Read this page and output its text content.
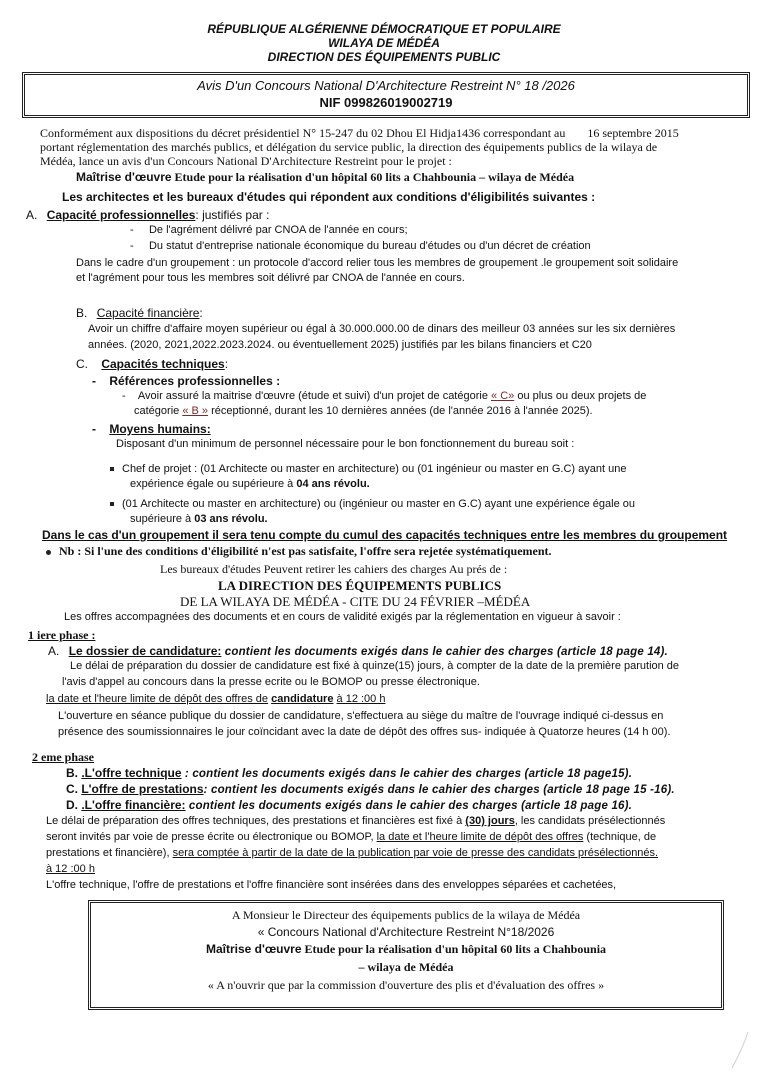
RÉPUBLIQUE ALGÉRIENNE DÉMOCRATIQUE ET POPULAIRE
WILAYA DE MÉDÉA
DIRECTION DES ÉQUIPEMENTS PUBLIC
Avis D'un Concours National D'Architecture Restreint N° 18 /2026
NIF 099826019002719
Conformément aux dispositions du décret présidentiel N° 15-247 du 02 Dhou El Hidja1436 correspondant au 16 septembre 2015
portant réglementation des marchés publics, et délégation du service public, la direction des équipements publics de la wilaya de
Médéa, lance un avis d'un Concours National D'Architecture Restreint pour le projet :
Maîtrise d'œuvre Etude pour la réalisation d'un hôpital 60 lits a Chahbounia – wilaya de Médéa
Les architectes et les bureaux d'études qui répondent aux conditions d'éligibilités suivantes :
A. Capacité professionnelles: justifiés par :
-     De l'agrément délivré par CNOA de l'année en cours;
-     Du statut d'entreprise nationale économique du bureau d'études ou d'un décret de création
Dans le cadre d'un groupement : un protocole d'accord relier tous les membres de groupement .le groupement soit solidaire
et l'agrément pour tous les membres soit délivré par CNOA de l'année en cours.
B. Capacité financière:
Avoir un chiffre d'affaire moyen supérieur ou égal à 30.000.000.00 de dinars des meilleur 03 années sur les six dernières
années. (2020, 2021,2022.2023.2024. ou éventuellement 2025) justifiés par les bilans financiers et C20
C. Capacités techniques:
-    Références professionnelles :
-    Avoir assuré la maitrise d'œuvre (étude et suivi) d'un projet de catégorie « C» ou plus ou deux projets de
catégorie « B » réceptionné, durant les 10 dernières années (de l'année 2016 à l'année 2025).
-    Moyens humains:
Disposant d'un minimum de personnel nécessaire pour le bon fonctionnement du bureau soit :
Chef de projet : (01 Architecte ou master en architecture) ou (01 ingénieur ou master en G.C) ayant une
expérience égale ou supérieure à 04 ans révolu.
(01 Architecte ou master en architecture) ou (ingénieur ou master en G.C) ayant une expérience égale ou
supérieure à 03 ans révolu.
Dans le cas d'un groupement il sera tenu compte du cumul des capacités techniques entre les membres du groupement
Nb : Si l'une des conditions d'éligibilité n'est pas satisfaite, l'offre sera rejetée systématiquement.
Les bureaux d'études Peuvent retirer les cahiers des charges Au prés de :
LA DIRECTION DES ÉQUIPEMENTS PUBLICS
DE LA WILAYA DE MÉDÉA - CITE DU 24 FÉVRIER –MÉDÉA
Les offres accompagnées des documents et en cours de validité exigés par la réglementation en vigueur à savoir :
1 iere phase :
A. Le dossier de candidature: contient les documents exigés dans le cahier des charges (article 18 page 14).
Le délai de préparation du dossier de candidature est fixé à quinze(15) jours, à compter de la date de la première parution de
l'avis d'appel au concours dans la presse ecrite ou le BOMOP ou presse électronique.
la date et l'heure limite de dépôt des offres de candidature à 12 :00 h
L'ouverture en séance publique du dossier de candidature, s'effectuera au siège du maître de l'ouvrage indiqué ci-dessus en
présence des soumissionnaires le jour coïncidant avec la date de dépôt des offres sus- indiquée à Quatorze heures (14 h 00).
2 eme phase
B. .L'offre technique : contient les documents exigés dans le cahier des charges (article 18 page15).
C. L'offre de prestations: contient les documents exigés dans le cahier des charges (article 18 page 15 -16).
D. .L'offre financière: contient les documents exigés dans le cahier des charges (article 18 page 16).
Le délai de préparation des offres techniques, des prestations et financières est fixé à (30) jours, les candidats présélectionnés
seront invités par voie de presse écrite ou électronique ou BOMOP, la date et l'heure limite de dépôt des offres (technique, de
prestations et financière), sera comptée à partir de la date de la publication par voie de presse des candidats présélectionnés.
à 12 :00 h
L'offre technique, l'offre de prestations et l'offre financière sont insérées dans des enveloppes séparées et cachetées,
A Monsieur le Directeur des équipements publics de la wilaya de Médéa
« Concours National d'Architecture Restreint N°18/2026
Maîtrise d'œuvre Etude pour la réalisation d'un hôpital 60 lits a Chahbounia
– wilaya de Médéa
« A n'ouvrir que par la commission d'ouverture des plis et d'évaluation des offres »
